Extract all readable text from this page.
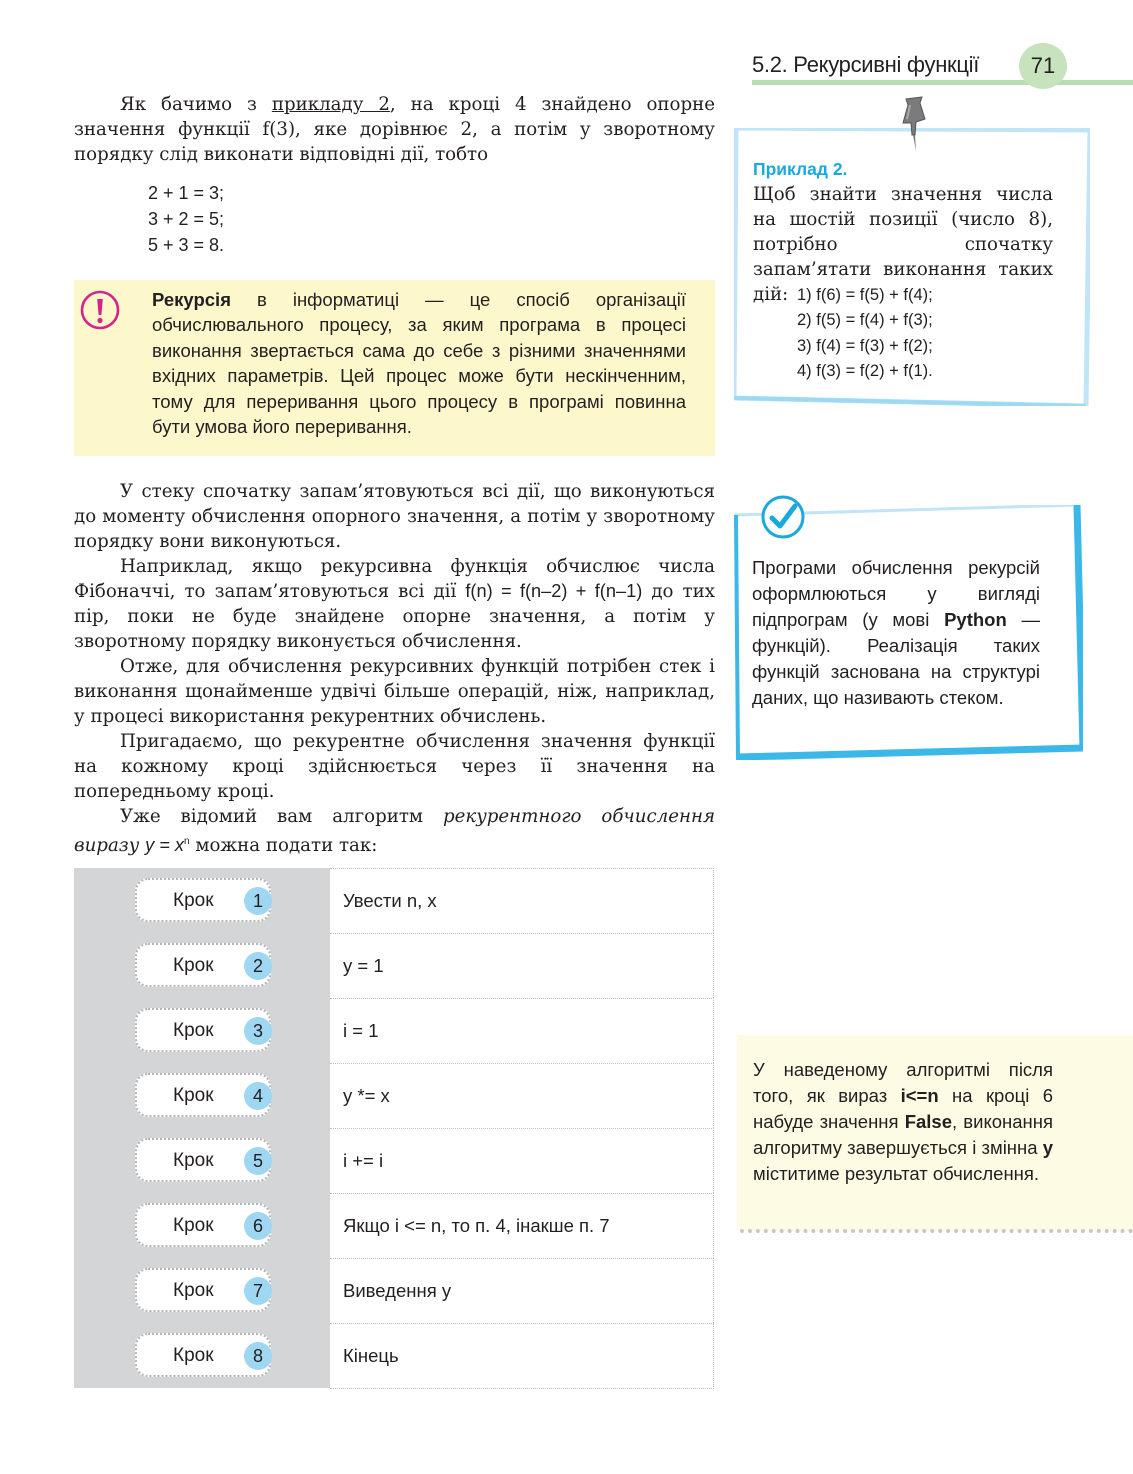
5.2. Рекурсивні функції	71
Як бачимо з прикладу 2, на кроці 4 знайдено опорне значення функції f(3), яке дорівнює 2, а потім у зворотному порядку слід виконати відповідні дії, тобто
2 + 1 = 3;
3 + 2 = 5;
5 + 3 = 8.
Рекурсія в інформатиці — це спосіб організації обчислювального процесу, за яким програма в процесі виконання звертається сама до себе з різними значеннями вхідних параметрів. Цей процес може бути нескінченним, тому для переривання цього процесу в програмі повинна бути умова його переривання.

У стеку спочатку запам’ятовуються всі дії, що виконуються до моменту обчислення опорного значення, а потім у зворотному порядку вони виконуються.

Наприклад, якщо рекурсивна функція обчислює числа Фібоначчі, то запам’ятовуються всі дії f(n) = f(n–2) + f(n–1) до тих пір, поки не буде знайдене опорне значення, а потім у зворотному порядку виконується обчислення.

Отже, для обчислення рекурсивних функцій потрібен стек і виконання щонайменше удвічі більше операцій, ніж, наприклад, у процесі використання рекурентних обчислень.

Пригадаємо, що рекурентне обчислення значення функції на кожному кроці здійснюється через її значення на попередньому кроці.

Уже відомий вам алгоритм рекурентного обчислення виразу $y = x^n$ можна подати так:

Приклад 2.
Щоб знайти значення числа на шостій позиції (число 8), потрібно спочатку запам’ятати виконання таких дій: 1) f(6) = f(5) + f(4);
2) f(5) = f(4) + f(3);
3) f(4) = f(3) + f(2);
4) f(3) = f(2) + f(1).
Програми обчислення рекурсій оформлюються у вигляді підпрограм (у мові Python — функцій). Реалізація таких функцій заснована на структурі даних, що називають стеком.
У наведеному алгоритмі після того, як вираз i<=n на кроці 6 набуде значення False, виконання алгоритму завершується і змінна y міститиме результат обчислення.
Крок	1	Увести n, x
Крок	2	y = 1
Крок	3	i = 1
Крок	4	y *= x
Крок	5	i += i
Крок	6	Якщо i <= n, то п. 4, інакше п. 7
Крок	7	Виведення y
Крок	8	Кінець
